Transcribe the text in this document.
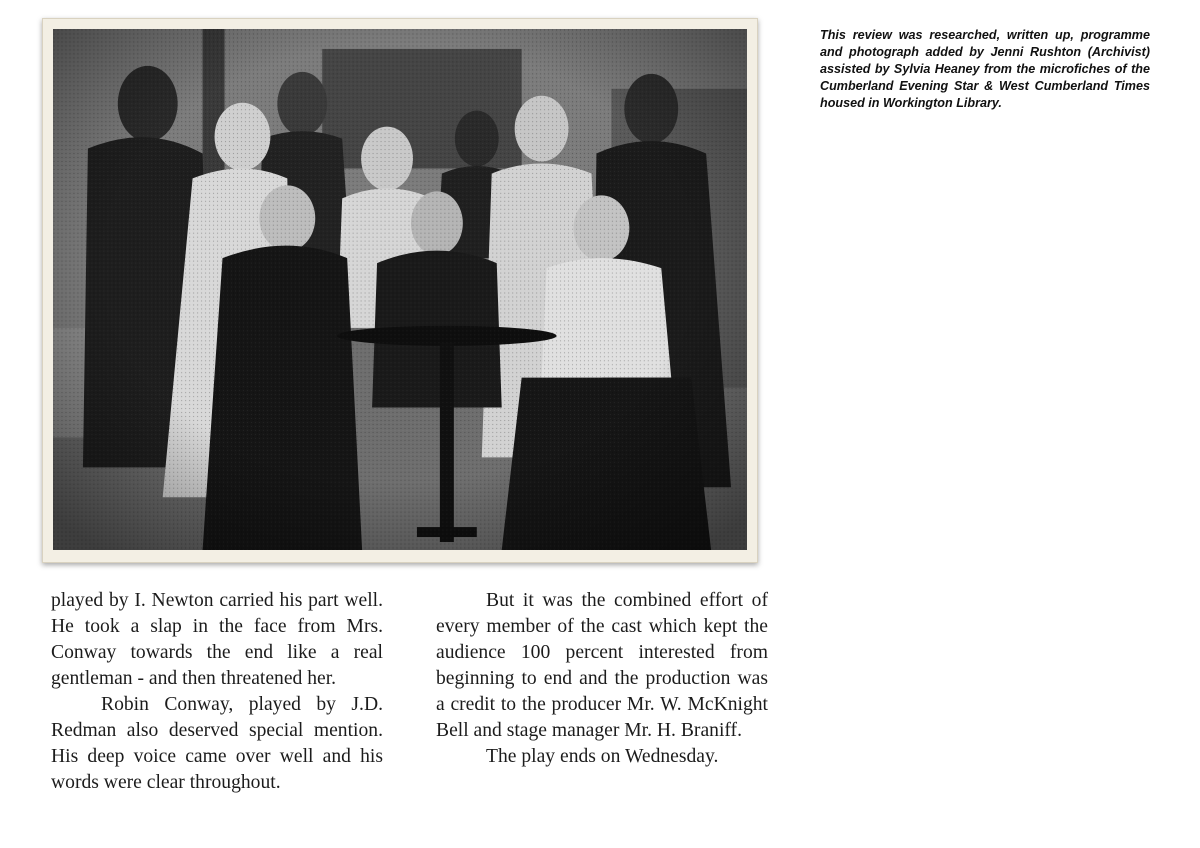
This review was researched, written up, programme and photograph added by Jenni Rushton (Archivist) assisted by Sylvia Heaney from the microfiches of the Cumberland Evening Star & West Cumberland Times housed in Workington Library.

played by I. Newton carried his part well. He took a slap in the face from Mrs. Conway towards the end like a real gentleman - and then threatened her.

Robin Conway, played by J.D. Redman also deserved special mention. His deep voice came over well and his words were clear throughout.

But it was the combined effort of every member of the cast which kept the audience 100 percent interested from beginning to end and the production was a credit to the producer Mr. W. McKnight Bell and stage manager Mr. H. Braniff.

The play ends on Wednesday.
